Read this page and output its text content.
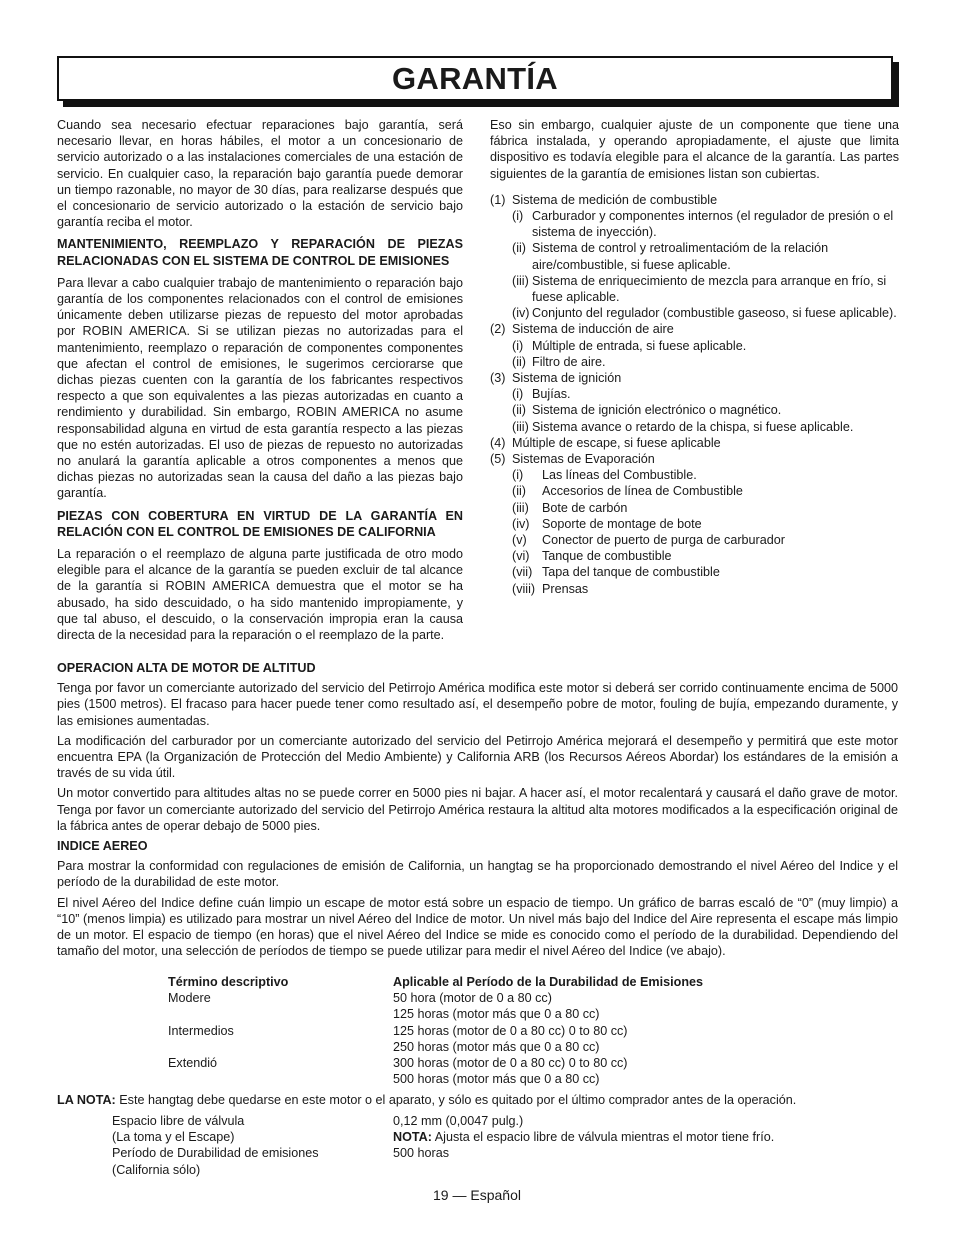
GARANTÍA

Cuando sea necesario efectuar reparaciones bajo garantía, será necesario llevar, en horas hábiles, el motor a un concesionario de servicio autorizado o a las instalaciones comerciales de una estación de servicio. En cualquier caso, la reparación bajo garantía puede demorar un tiempo razonable, no mayor de 30 días, para realizarse después que el concesionario de servicio autorizado o la estación de servicio bajo garantía reciba el motor.

MANTENIMIENTO, REEMPLAZO Y REPARACIÓN DE PIEZAS RELACIONADAS CON EL SISTEMA DE CONTROL DE EMISIONES

Para llevar a cabo cualquier trabajo de mantenimiento o reparación bajo garantía de los componentes relacionados con el control de emisiones únicamente deben utilizarse piezas de repuesto del motor aprobadas por ROBIN AMERICA. Si se utilizan piezas no autorizadas para el mantenimiento, reemplazo o reparación de componentes componentes que afectan el control de emisiones, le sugerimos cerciorarse que dichas piezas cuenten con la garantía de los fabricantes respectivos respecto a que son equivalentes a las piezas autorizadas en cuanto a rendimiento y durabilidad. Sin embargo, ROBIN AMERICA no asume responsabilidad alguna en virtud de esta garantía respecto a las piezas que no estén autorizadas. El uso de piezas de repuesto no autorizadas no anulará la garantía aplicable a otros componentes a menos que dichas piezas no autorizadas sean la causa del daño a las piezas bajo garantía.

PIEZAS CON COBERTURA EN VIRTUD DE LA GARANTÍA EN RELACIÓN CON EL CONTROL DE EMISIONES DE CALIFORNIA

La reparación o el reemplazo de alguna parte justificada de otro modo elegible para el alcance de la garantía se pueden excluir de tal alcance de la garantía si ROBIN AMERICA demuestra que el motor se ha abusado, ha sido descuidado, o ha sido mantenido impropiamente, y que tal abuso, el descuido, o la conservación impropia eran la causa directa de la necesidad para la reparación o el reemplazo de la parte.

Eso sin embargo, cualquier ajuste de un componente que tiene una fábrica instalada, y operando apropiadamente, el ajuste que limita dispositivo es todavía elegible para el alcance de la garantía. Las partes siguientes de la garantía de emisiones listan son cubiertas.

(1) Sistema de medición de combustible
(i) Carburador y componentes internos (el regulador de presión o el sistema de inyección).
(ii) Sistema de control y retroalimentacióm de la relación aire/combustible, si fuese aplicable.
(iii) Sistema de enriquecimiento de mezcla para arranque en frío, si fuese aplicable.
(iv) Conjunto del regulador (combustible gaseoso, si fuese aplicable).
(2) Sistema de inducción de aire
(i) Múltiple de entrada, si fuese aplicable.
(ii) Filtro de aire.
(3) Sistema de ignición
(i) Bujías.
(ii) Sistema de ignición electrónico o magnético.
(iii) Sistema avance o retardo de la chispa, si fuese aplicable.
(4) Múltiple de escape, si fuese aplicable
(5) Sistemas de Evaporación
(i) Las líneas del Combustible.
(ii) Accesorios de línea de Combustible
(iii) Bote de carbón
(iv) Soporte de montage de bote
(v) Conector de puerto de purga de carburador
(vi) Tanque de combustible
(vii) Tapa del tanque de combustible
(viii) Prensas

OPERACION ALTA DE MOTOR DE ALTITUD

Tenga por favor un comerciante autorizado del servicio del Petirrojo América modifica este motor si deberá ser corrido continuamente encima de 5000 pies (1500 metros). El fracaso para hacer puede tener como resultado así, el desempeño pobre de motor, fouling de bujía, empezando duramente, y las emisiones aumentadas.

La modificación del carburador por un comerciante autorizado del servicio del Petirrojo América mejorará el desempeño y permitirá que este motor encuentra EPA (la Organización de Protección del Medio Ambiente) y California ARB (los Recursos Aéreos Abordar) los estándares de la emisión a través de su vida útil.

Un motor convertido para altitudes altas no se puede correr en 5000 pies ni bajar. A hacer así, el motor recalentará y causará el daño grave de motor. Tenga por favor un comerciante autorizado del servicio del Petirrojo América restaura la altitud alta motores modificados a la especificación original de la fábrica antes de operar debajo de 5000 pies.

INDICE AEREO

Para mostrar la conformidad con regulaciones de emisión de California, un hangtag se ha proporcionado demostrando el nivel Aéreo del Indice y el período de la durabilidad de este motor.

El nivel Aéreo del Indice define cuán limpio un escape de motor está sobre un espacio de tiempo. Un gráfico de barras escaló de “0” (muy limpio) a “10” (menos limpia) es utilizado para mostrar un nivel Aéreo del Indice de motor. Un nivel más bajo del Indice del Aire representa el escape más limpio de un motor. El espacio de tiempo (en horas) que el nivel Aéreo del Indice se mide es conocido como el período de la durabilidad. Dependiendo del tamaño del motor, una selección de períodos de tiempo se puede utilizar para medir el nivel Aéreo del Indice (ve abajo).

Término descriptivo	Aplicable al Período de la Durabilidad de Emisiones
Modere	50 hora (motor de 0 a 80 cc)
125 horas (motor más que 0 a 80 cc)
Intermedios	125 horas (motor de 0 a 80 cc) 0 to 80 cc)
250 horas (motor más que 0 a 80 cc)
Extendió	300 horas (motor de 0 a 80 cc) 0 to 80 cc)
500 horas (motor más que 0 a 80 cc)

LA NOTA: Este hangtag debe quedarse en este motor o el aparato, y sólo es quitado por el último comprador antes de la operación.

Espacio libre de válvula	0,12 mm (0,0047 pulg.)
(La toma y el Escape)	NOTA: Ajusta el espacio libre de válvula mientras el motor tiene frío.
Período de Durabilidad de emisiones	500 horas
(California sólo)
19 — Español
